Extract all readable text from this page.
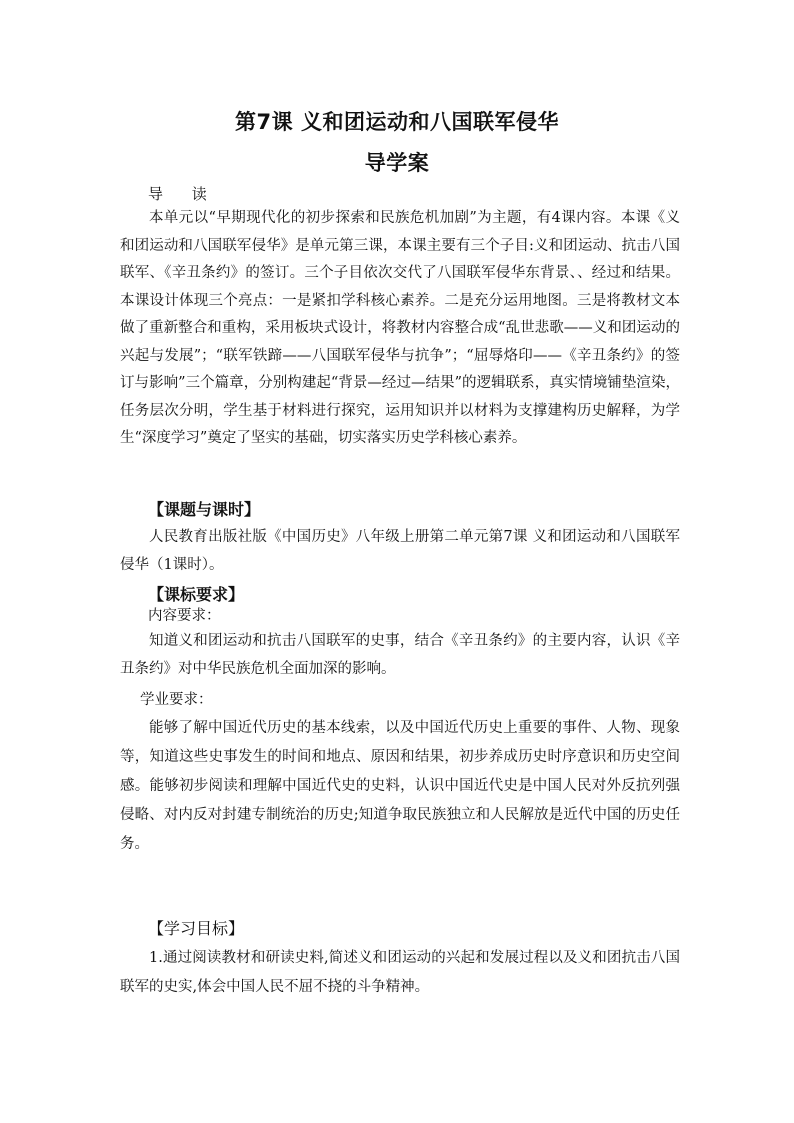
第7课 义和团运动和八国联军侵华
导学案
导 读

本单元以“早期现代化的初步探索和民族危机加剧”为主题，有4课内容。本课《义和团运动和八国联军侵华》是单元第三课，本课主要有三个子目:义和团运动、抗击八国联军、《辛丑条约》的签订。三个子目依次交代了八国联军侵华东背景、、经过和结果。本课设计体现三个亮点：一是紧扣学科核心素养。二是充分运用地图。三是将教材文本做了重新整合和重构，采用板块式设计，将教材内容整合成“乱世悲歌——义和团运动的兴起与发展”；“联军铁蹄——八国联军侵华与抗争”；“屈辱烙印——《辛丑条约》的签订与影响”三个篇章，分别构建起“背景—经过—结果”的逻辑联系，真实情境铺垫渲染，任务层次分明，学生基于材料进行探究，运用知识并以材料为支撑建构历史解释，为学生“深度学习”奠定了坚实的基础，切实落实历史学科核心素养。

【课题与课时】

人民教育出版社版《中国历史》八年级上册第二单元第7课 义和团运动和八国联军侵华（1课时）。

【课标要求】
内容要求：

知道义和团运动和抗击八国联军的史事，结合《辛丑条约》的主要内容，认识《辛丑条约》对中华民族危机全面加深的影响。

学业要求：

能够了解中国近代历史的基本线索，以及中国近代历史上重要的事件、人物、现象等，知道这些史事发生的时间和地点、原因和结果，初步养成历史时序意识和历史空间感。能够初步阅读和理解中国近代史的史料，认识中国近代史是中国人民对外反抗列强侵略、对内反对封建专制统治的历史;知道争取民族独立和人民解放是近代中国的历史任务。

【学习目标】

1.通过阅读教材和研读史料,简述义和团运动的兴起和发展过程以及义和团抗击八国联军的史实,体会中国人民不屈不挠的斗争精神。
